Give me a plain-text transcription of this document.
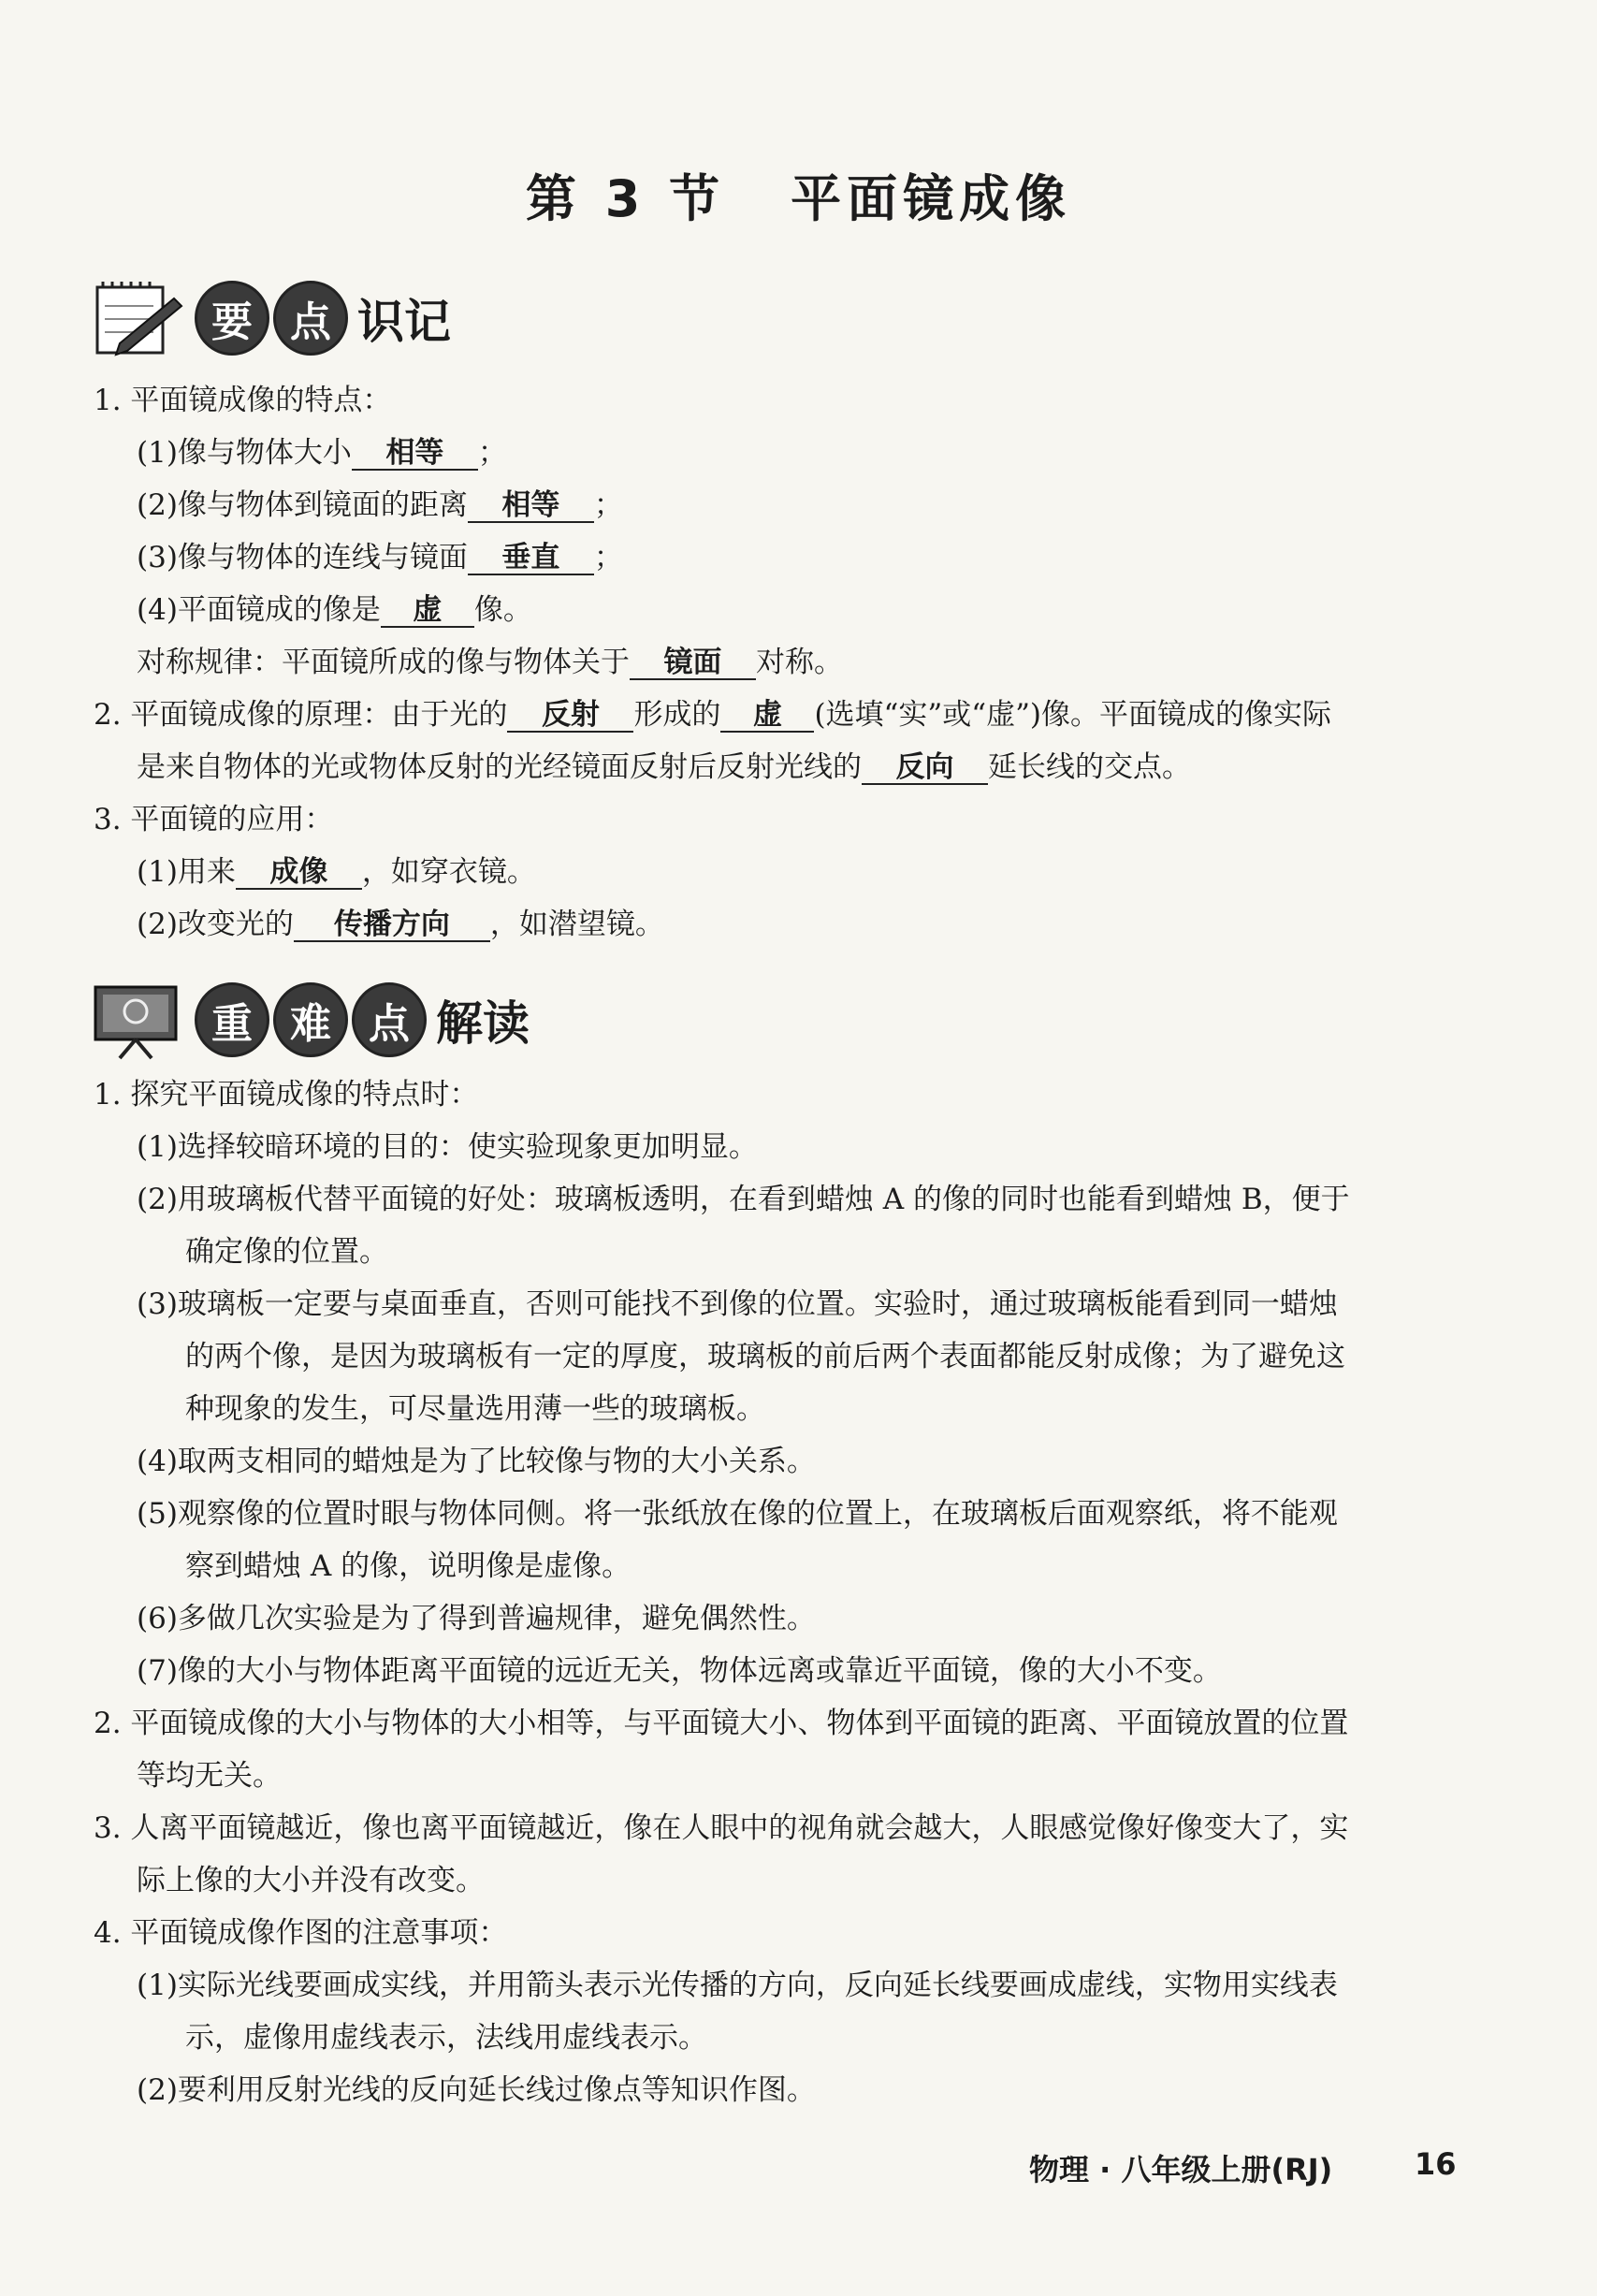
第 3 节 平面镜成像
要 点 识记
1. 平面镜成像的特点：
(1)像与物体大小 相等 ；
(2)像与物体到镜面的距离 相等 ；
(3)像与物体的连线与镜面 垂直 ；
(4)平面镜成的像是 虚 像。
对称规律：平面镜所成的像与物体关于 镜面 对称。
2. 平面镜成像的原理：由于光的 反射 形成的 虚 (选填“实”或“虚”)像。平面镜成的像实际
是来自物体的光或物体反射的光经镜面反射后反射光线的 反向 延长线的交点。
3. 平面镜的应用：
(1)用来 成像 ，如穿衣镜。
(2)改变光的 传播方向 ，如潜望镜。
重 难 点 解读
1. 探究平面镜成像的特点时：
(1)选择较暗环境的目的：使实验现象更加明显。
(2)用玻璃板代替平面镜的好处：玻璃板透明，在看到蜡烛 A 的像的同时也能看到蜡烛 B，便于
确定像的位置。
(3)玻璃板一定要与桌面垂直，否则可能找不到像的位置。实验时，通过玻璃板能看到同一蜡烛
的两个像，是因为玻璃板有一定的厚度，玻璃板的前后两个表面都能反射成像；为了避免这
种现象的发生，可尽量选用薄一些的玻璃板。
(4)取两支相同的蜡烛是为了比较像与物的大小关系。
(5)观察像的位置时眼与物体同侧。将一张纸放在像的位置上，在玻璃板后面观察纸，将不能观
察到蜡烛 A 的像，说明像是虚像。
(6)多做几次实验是为了得到普遍规律，避免偶然性。
(7)像的大小与物体距离平面镜的远近无关，物体远离或靠近平面镜，像的大小不变。
2. 平面镜成像的大小与物体的大小相等，与平面镜大小、物体到平面镜的距离、平面镜放置的位置
等均无关。
3. 人离平面镜越近，像也离平面镜越近，像在人眼中的视角就会越大，人眼感觉像好像变大了，实
际上像的大小并没有改变。
4. 平面镜成像作图的注意事项：
(1)实际光线要画成实线，并用箭头表示光传播的方向，反向延长线要画成虚线，实物用实线表
示，虚像用虚线表示，法线用虚线表示。
(2)要利用反射光线的反向延长线过像点等知识作图。
物理 · 八年级上册(RJ)	16
